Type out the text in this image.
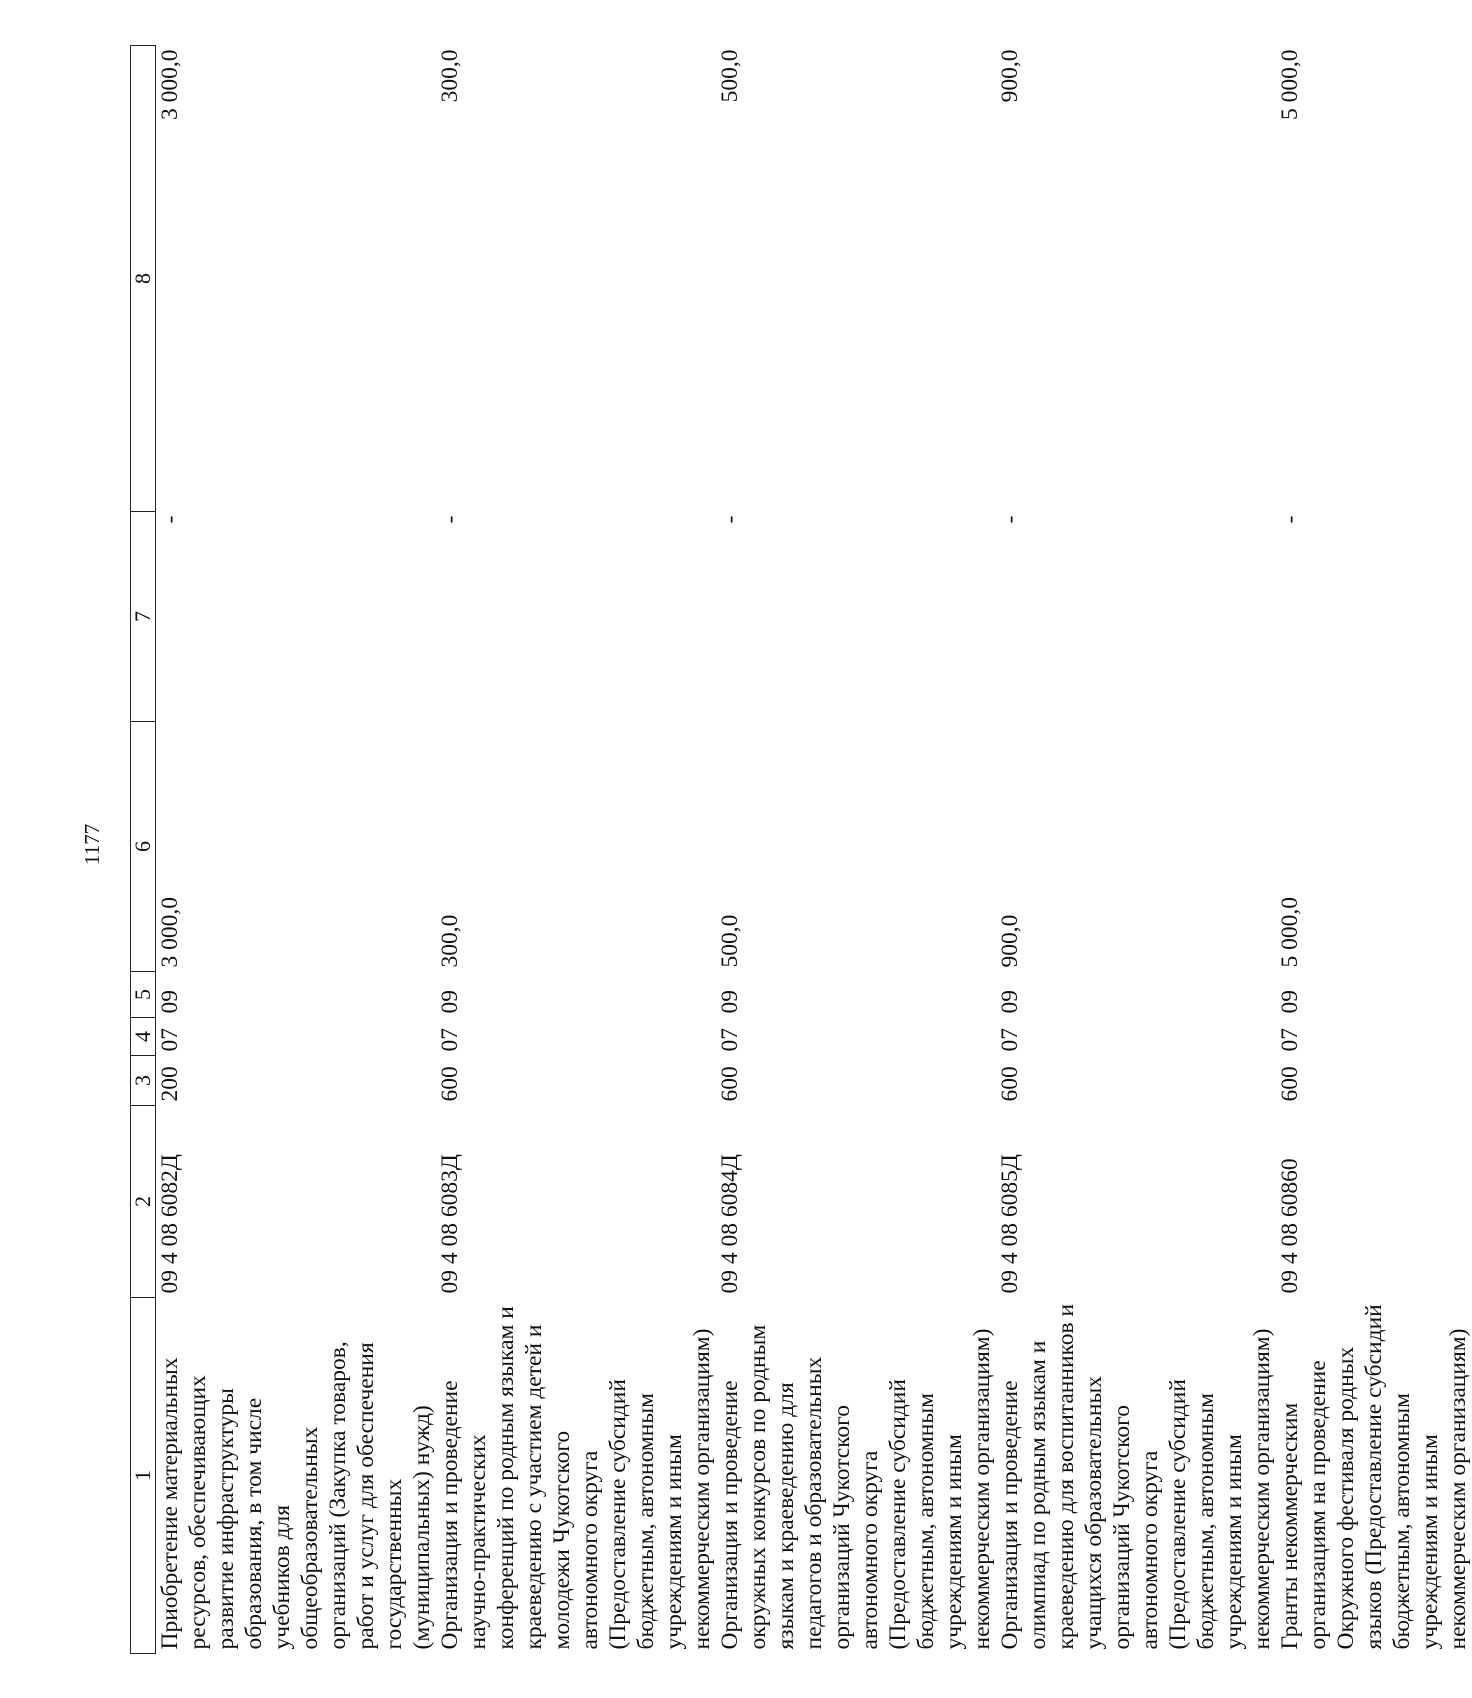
1177
1	2	3	4	5	6	7	8
Приобретение материальных ресурсов, обеспечивающих развитие инфраструктуры образования, в том числе учебников для общеобразовательных организаций (Закупка товаров, работ и услуг для обеспечения государственных (муниципальных) нужд)	09 4 08 6082Д	200	07	09	3 000,0	-	3 000,0
Организация и проведение научно-практических конференций по родным языкам и краеведению с участием детей и молодежи Чукотского автономного округа (Предоставление субсидий бюджетным, автономным учреждениям и иным некоммерческим организациям)	09 4 08 6083Д	600	07	09	300,0	-	300,0
Организация и проведение окружных конкурсов по родным языкам и краеведению для педагогов и образовательных организаций Чукотского автономного округа (Предоставление субсидий бюджетным, автономным учреждениям и иным некоммерческим организациям)	09 4 08 6084Д	600	07	09	500,0	-	500,0
Организация и проведение олимпиад по родным языкам и краеведению для воспитанников и учащихся образовательных организаций Чукотского автономного округа (Предоставление субсидий бюджетным, автономным учреждениям и иным некоммерческим организациям)	09 4 08 6085Д	600	07	09	900,0	-	900,0
Гранты некоммерческим организациям на проведение Окружного фестиваля родных языков (Предоставление субсидий бюджетным, автономным учреждениям и иным некоммерческим организациям)	09 4 08 60860	600	07	09	5 000,0	-	5 000,0
